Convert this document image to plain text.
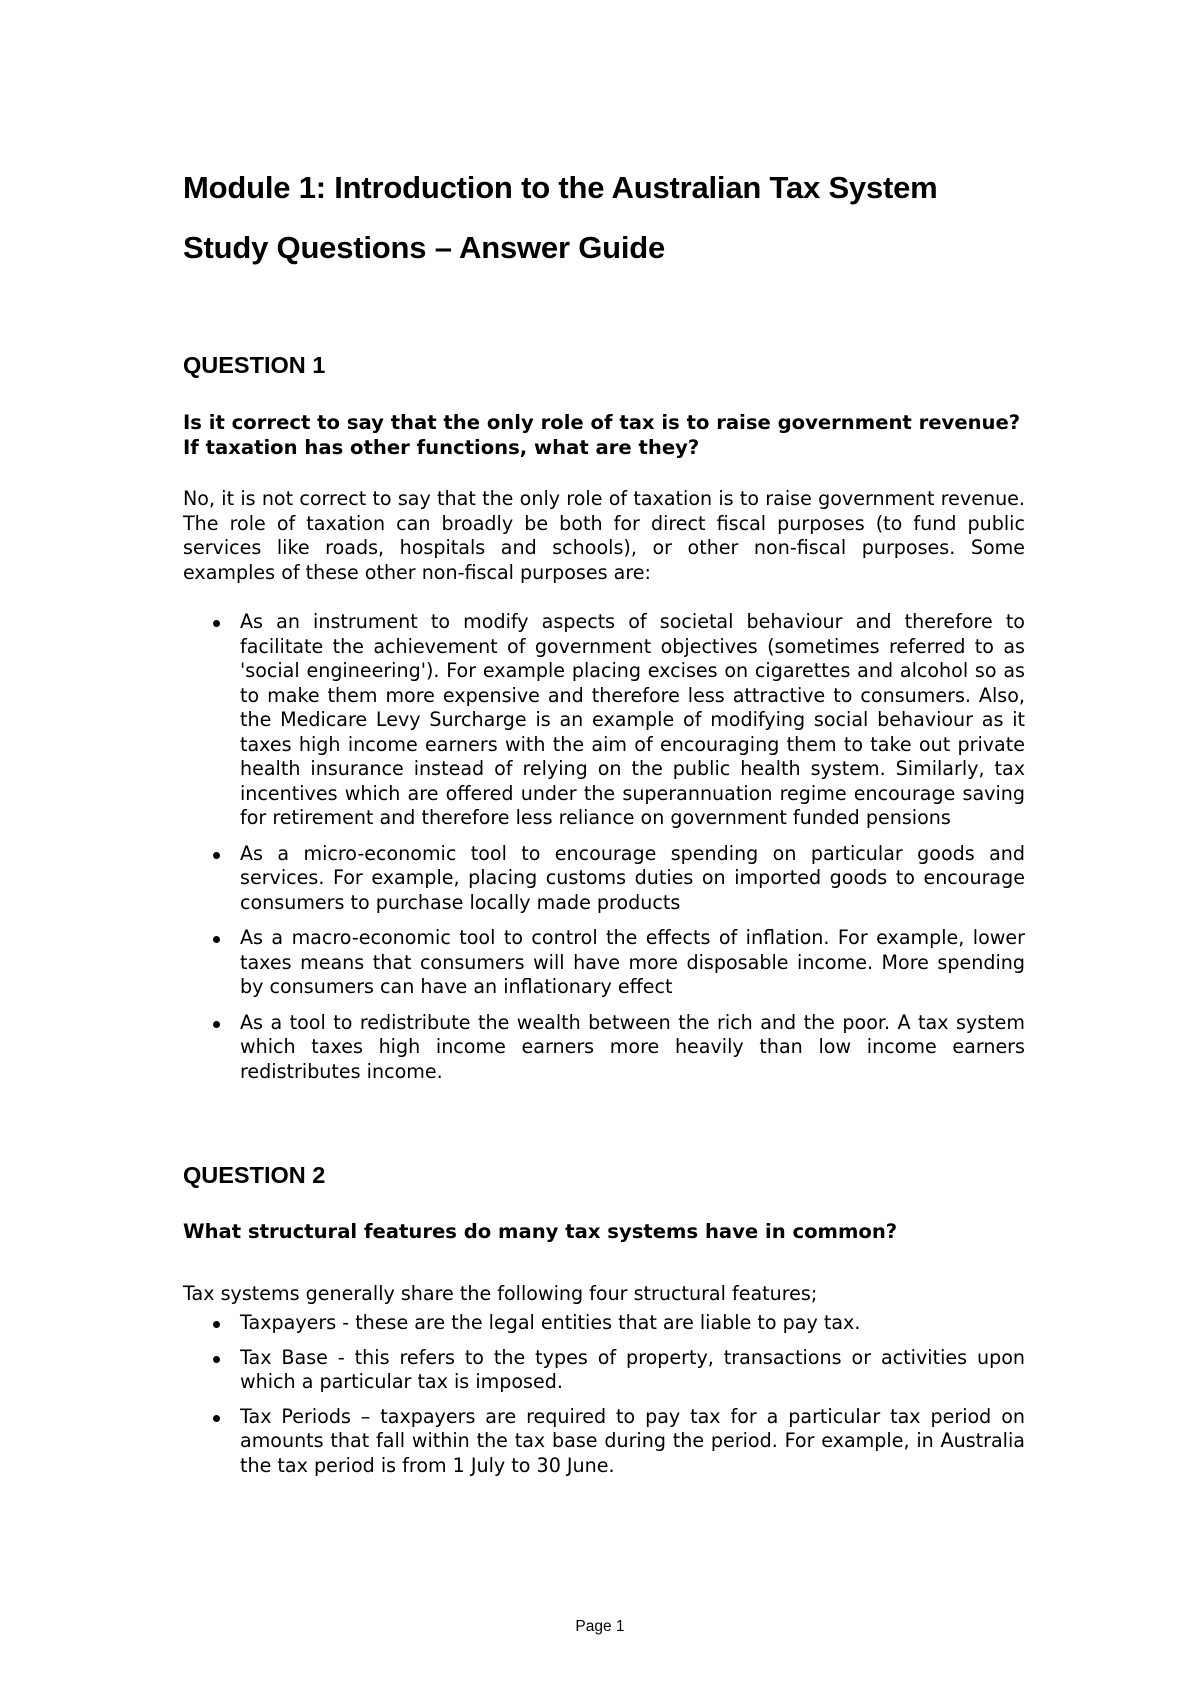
Module 1: Introduction to the Australian Tax System
Study Questions – Answer Guide
QUESTION 1

Is it correct to say that the only role of tax is to raise government revenue? If taxation has other functions, what are they?

No, it is not correct to say that the only role of taxation is to raise government revenue. The role of taxation can broadly be both for direct fiscal purposes (to fund public services like roads, hospitals and schools), or other non-fiscal purposes. Some examples of these other non-fiscal purposes are:

As an instrument to modify aspects of societal behaviour and therefore to facilitate the achievement of government objectives (sometimes referred to as 'social engineering'). For example placing excises on cigarettes and alcohol so as to make them more expensive and therefore less attractive to consumers. Also, the Medicare Levy Surcharge is an example of modifying social behaviour as it taxes high income earners with the aim of encouraging them to take out private health insurance instead of relying on the public health system. Similarly, tax incentives which are offered under the superannuation regime encourage saving for retirement and therefore less reliance on government funded pensions
As a micro-economic tool to encourage spending on particular goods and services. For example, placing customs duties on imported goods to encourage consumers to purchase locally made products
As a macro-economic tool to control the effects of inflation. For example, lower taxes means that consumers will have more disposable income. More spending by consumers can have an inflationary effect
As a tool to redistribute the wealth between the rich and the poor. A tax system which taxes high income earners more heavily than low income earners redistributes income.
QUESTION 2

What structural features do many tax systems have in common?

Tax systems generally share the following four structural features;

Taxpayers - these are the legal entities that are liable to pay tax.
Tax Base - this refers to the types of property, transactions or activities upon which a particular tax is imposed.
Tax Periods – taxpayers are required to pay tax for a particular tax period on amounts that fall within the tax base during the period. For example, in Australia the tax period is from 1 July to 30 June.
Page 1
